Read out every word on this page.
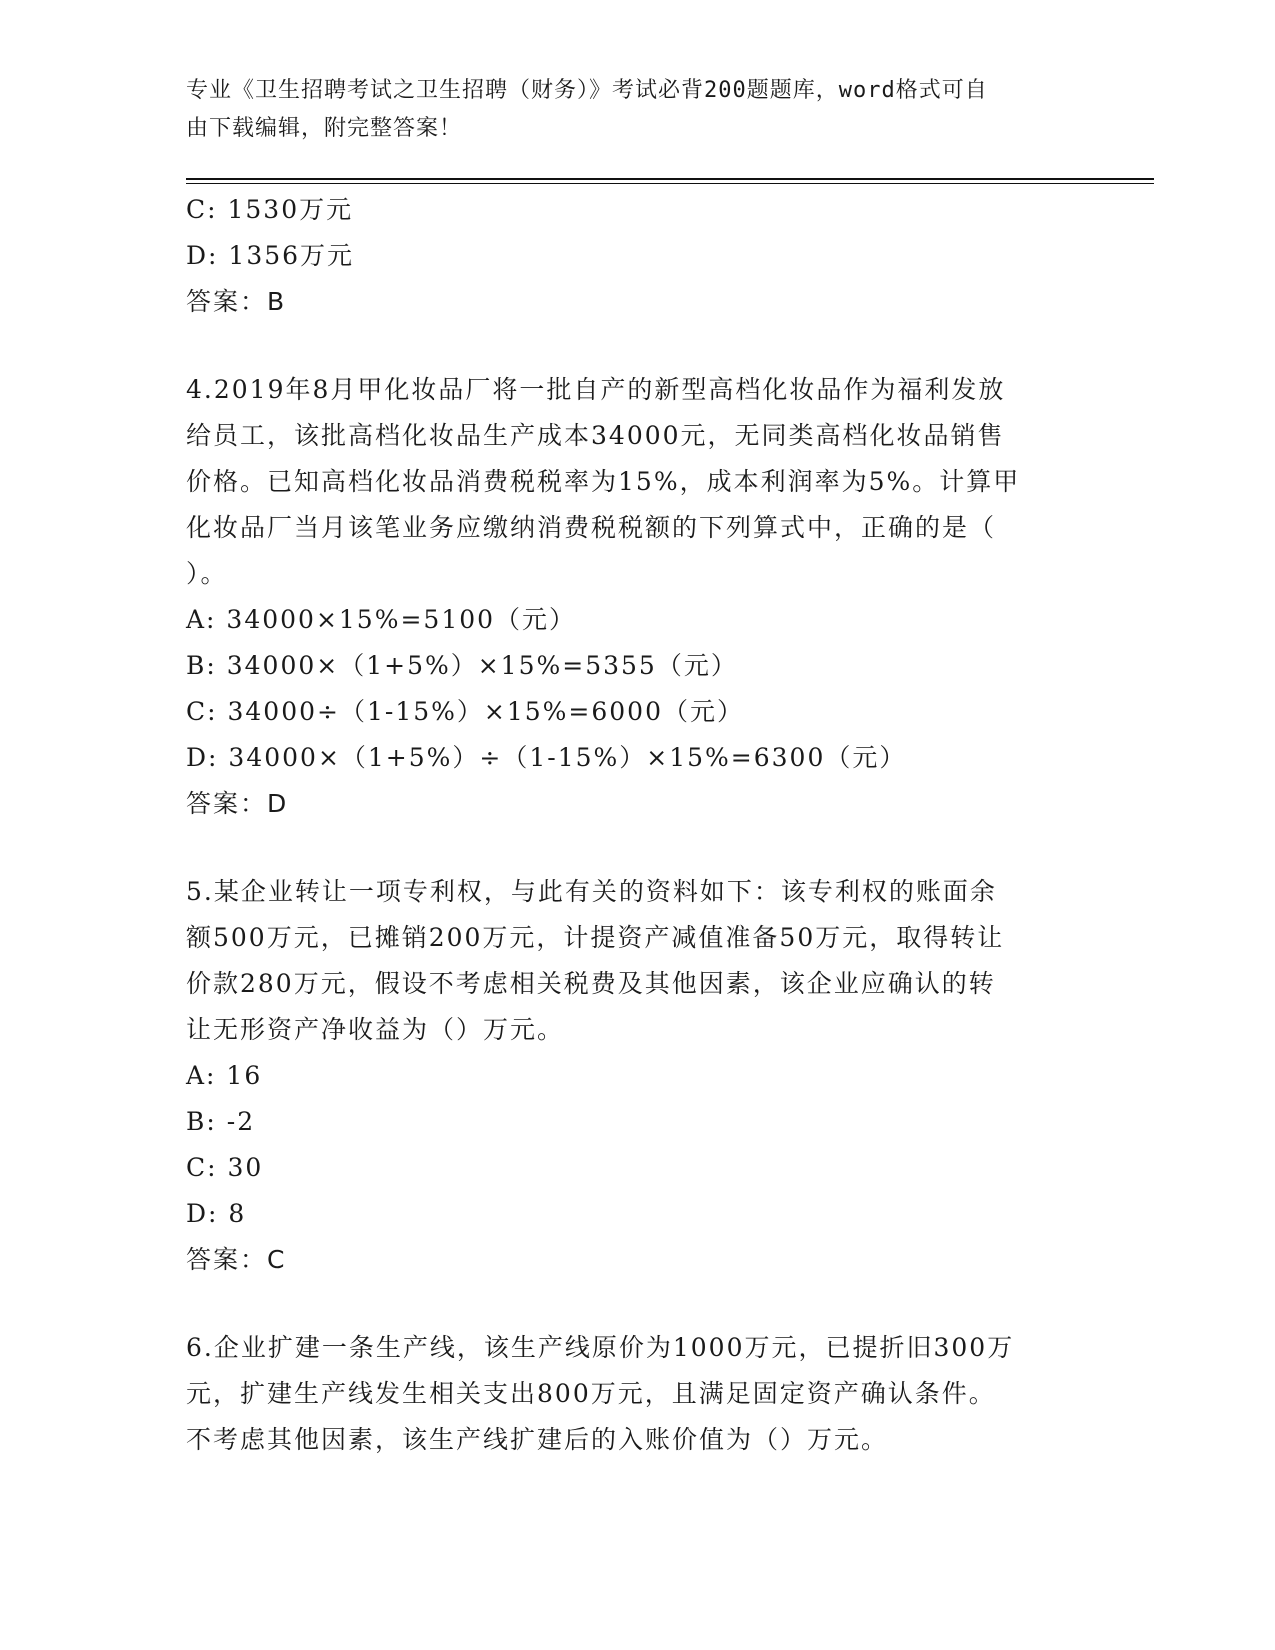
专业《卫生招聘考试之卫生招聘（财务）》考试必背200题题库，word格式可自
由下载编辑，附完整答案！
C: 1530万元
D: 1356万元
答案：B
4.2019年8月甲化妆品厂将一批自产的新型高档化妆品作为福利发放
给员工，该批高档化妆品生产成本34000元，无同类高档化妆品销售
价格。已知高档化妆品消费税税率为15%，成本利润率为5%。计算甲
化妆品厂当月该笔业务应缴纳消费税税额的下列算式中，正确的是（
）。
A: 34000×15%=5100（元）
B: 34000×（1+5%）×15%=5355（元）
C: 34000÷（1-15%）×15%=6000（元）
D: 34000×（1+5%）÷（1-15%）×15%=6300（元）
答案：D
5.某企业转让一项专利权，与此有关的资料如下：该专利权的账面余
额500万元，已摊销200万元，计提资产减值准备50万元，取得转让
价款280万元，假设不考虑相关税费及其他因素，该企业应确认的转
让无形资产净收益为（）万元。
A: 16
B: -2
C: 30
D: 8
答案：C
6.企业扩建一条生产线，该生产线原价为1000万元，已提折旧300万
元，扩建生产线发生相关支出800万元，且满足固定资产确认条件。
不考虑其他因素，该生产线扩建后的入账价值为（）万元。
